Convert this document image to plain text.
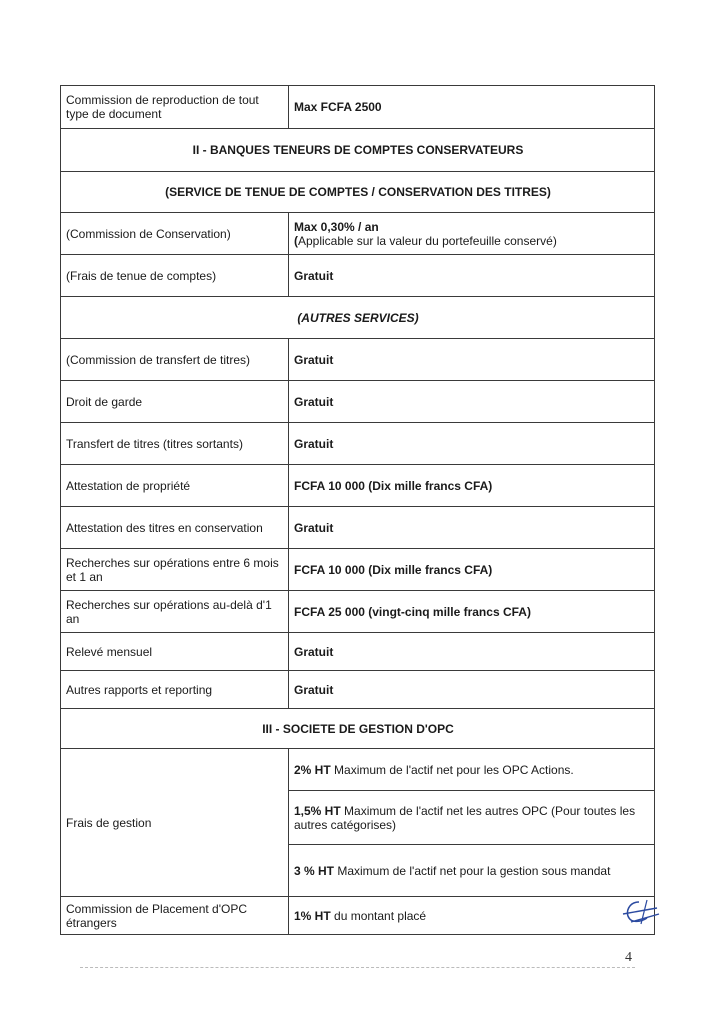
Commission de reproduction de tout type de document	Max FCFA 2500
II - BANQUES TENEURS DE COMPTES CONSERVATEURS	
(SERVICE DE TENUE DE COMPTES / CONSERVATION DES TITRES)	
(Commission de Conservation)	Max 0,30% / an
(Applicable sur la valeur du portefeuille conservé)

(Frais de tenue de comptes)	Gratuit
(AUTRES SERVICES)	
(Commission de transfert de titres)	Gratuit
Droit de garde	Gratuit
Transfert de titres (titres sortants)	Gratuit
Attestation de propriété	FCFA 10 000 (Dix mille francs CFA)
Attestation des titres en conservation	Gratuit
Recherches sur opérations entre 6 mois et 1 an	FCFA 10 000 (Dix mille francs CFA)
Recherches sur opérations au-delà d'1 an	FCFA 25 000 (vingt-cinq mille francs CFA)
Relevé mensuel	Gratuit
Autres rapports et reporting	Gratuit
III - SOCIETE DE GESTION D'OPC	
Frais de gestion	2% HT Maximum de l'actif net pour les OPC Actions.
	1,5% HT Maximum de l'actif net les autres OPC (Pour toutes les autres catégorises)
	3 % HT Maximum de l'actif net pour la gestion sous mandat
Commission de Placement d'OPC étrangers	1% HT du montant placé
4
